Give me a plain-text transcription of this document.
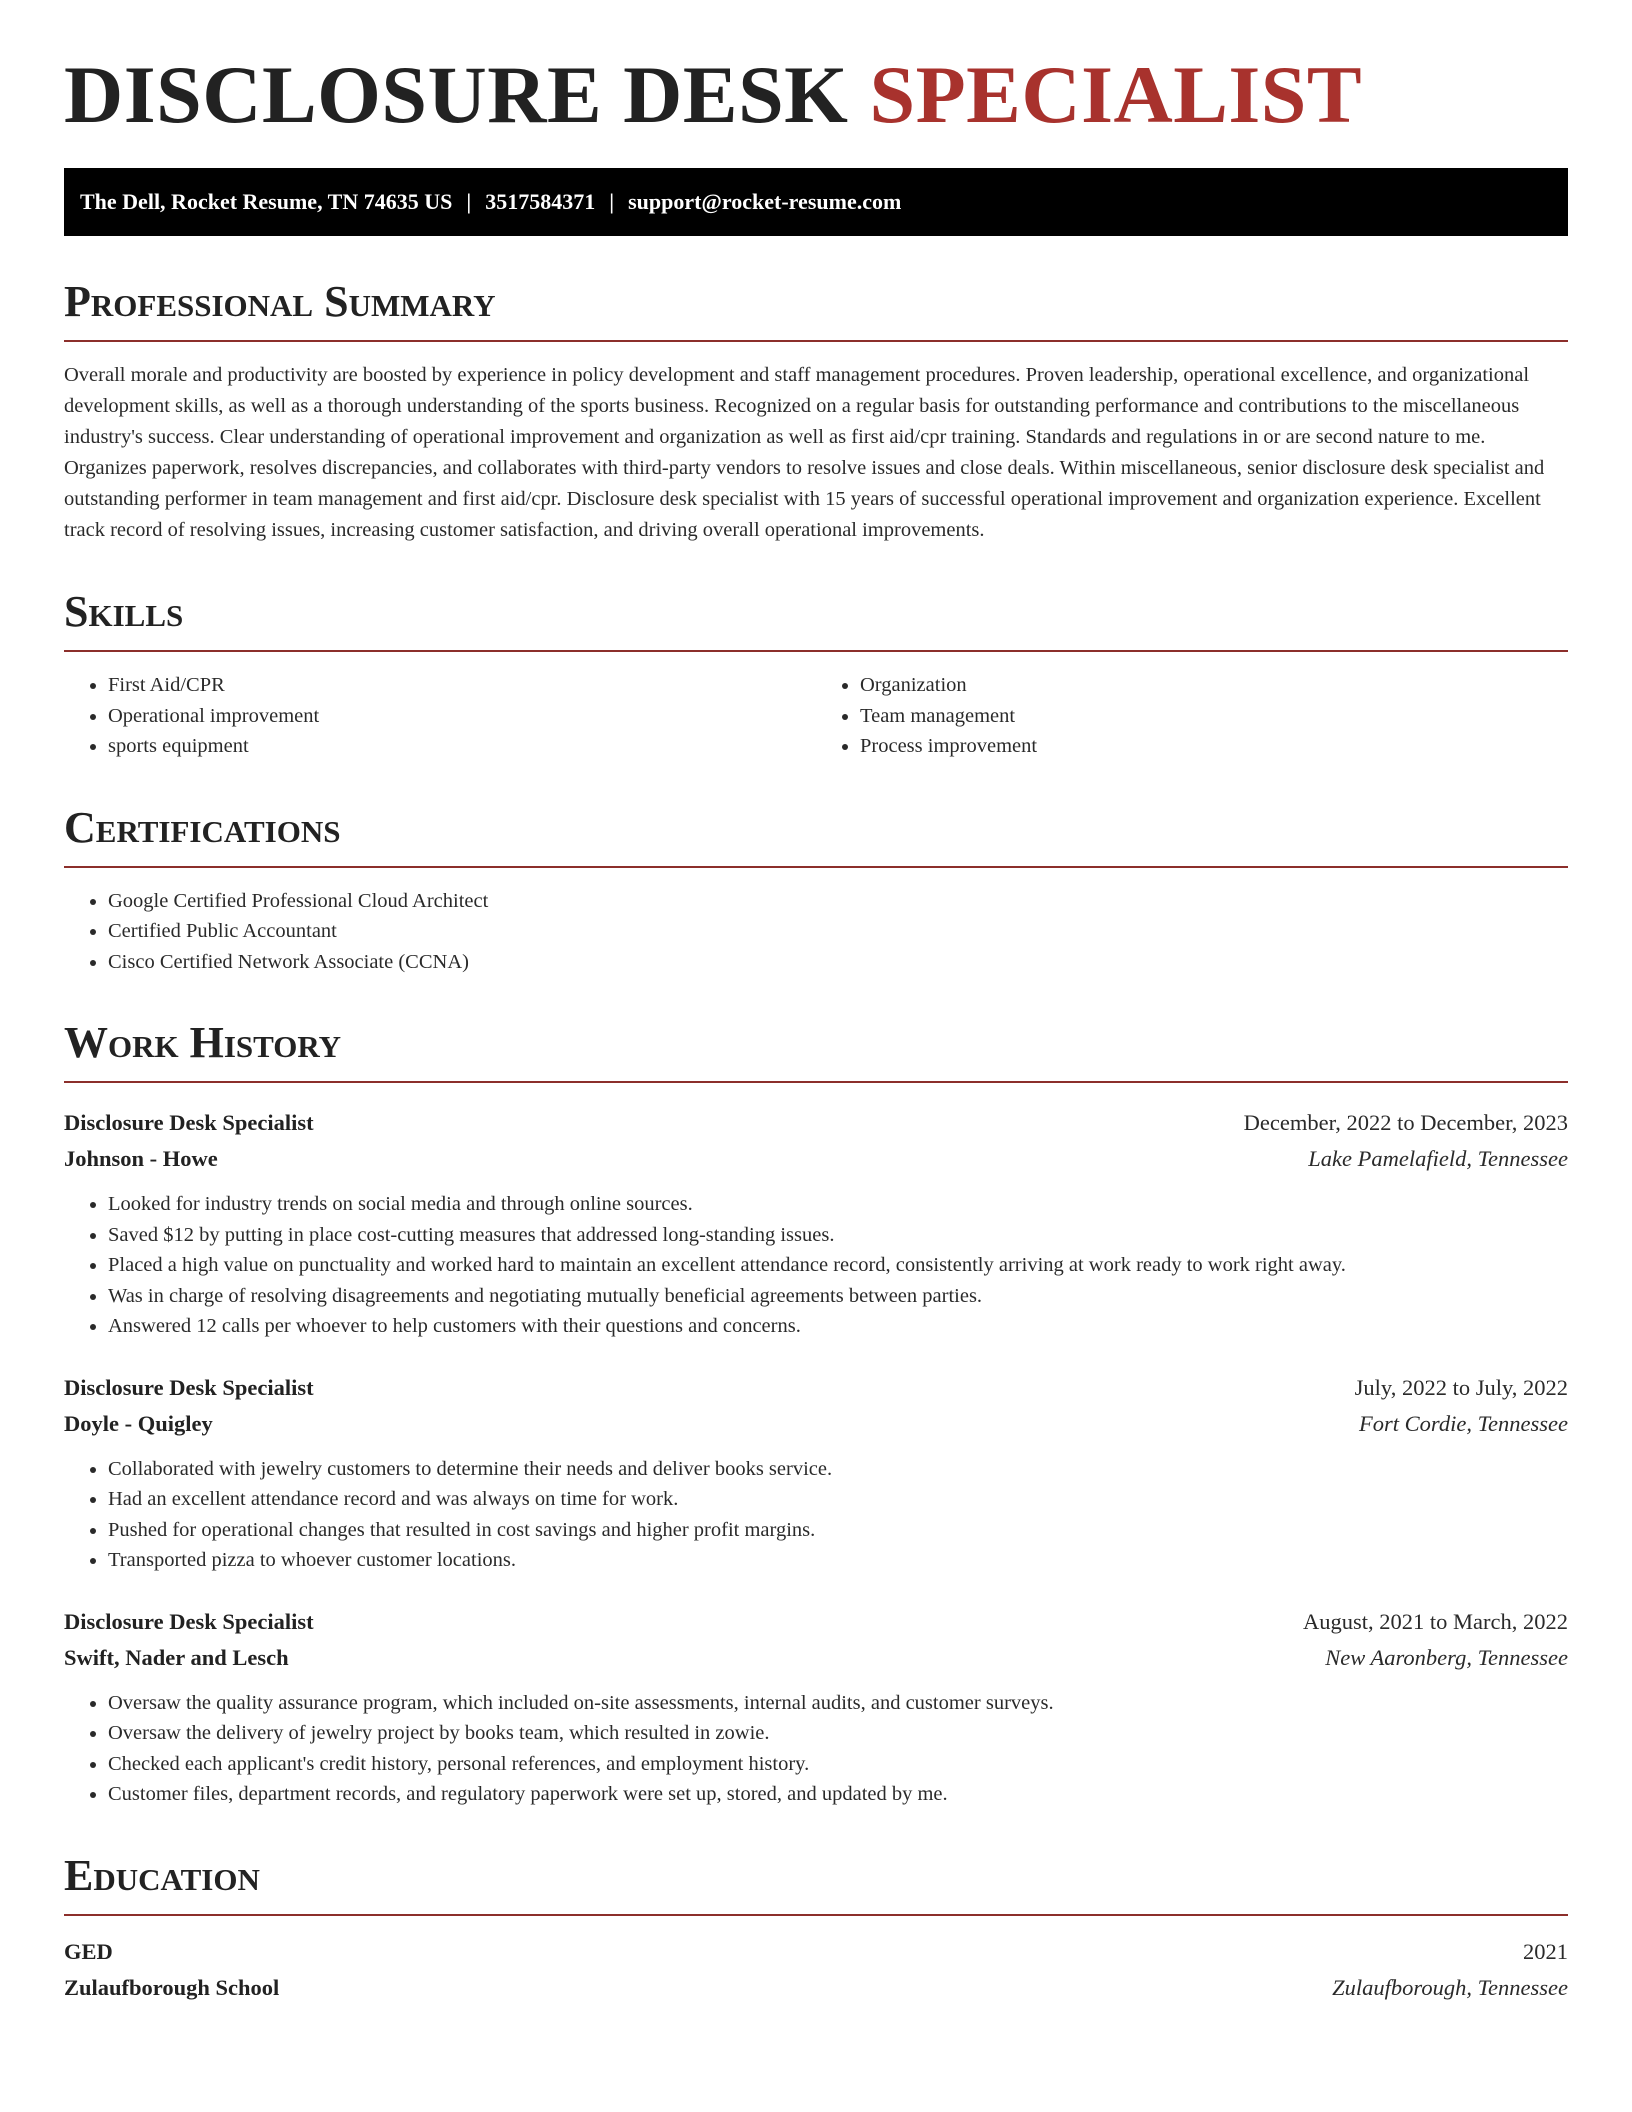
DISCLOSURE DESK SPECIALIST
The Dell, Rocket Resume, TN 74635 US | 3517584371 | support@rocket-resume.com
Professional Summary

Overall morale and productivity are boosted by experience in policy development and staff management procedures. Proven leadership, operational excellence, and organizational development skills, as well as a thorough understanding of the sports business. Recognized on a regular basis for outstanding performance and contributions to the miscellaneous industry's success. Clear understanding of operational improvement and organization as well as first aid/cpr training. Standards and regulations in or are second nature to me. Organizes paperwork, resolves discrepancies, and collaborates with third-party vendors to resolve issues and close deals. Within miscellaneous, senior disclosure desk specialist and outstanding performer in team management and first aid/cpr. Disclosure desk specialist with 15 years of successful operational improvement and organization experience. Excellent track record of resolving issues, increasing customer satisfaction, and driving overall operational improvements.

Skills
• First Aid/CPR
• Operational improvement
• sports equipment
• Organization
• Team management
• Process improvement
Certifications
• Google Certified Professional Cloud Architect
• Certified Public Accountant
• Cisco Certified Network Associate (CCNA)
Work History
Disclosure Desk Specialist	December, 2022 to December, 2023
Johnson - Howe	Lake Pamelafield, Tennessee
• Looked for industry trends on social media and through online sources.
• Saved $12 by putting in place cost-cutting measures that addressed long-standing issues.
• Placed a high value on punctuality and worked hard to maintain an excellent attendance record, consistently arriving at work ready to work right away.
• Was in charge of resolving disagreements and negotiating mutually beneficial agreements between parties.
• Answered 12 calls per whoever to help customers with their questions and concerns.
Disclosure Desk Specialist	July, 2022 to July, 2022
Doyle - Quigley	Fort Cordie, Tennessee
• Collaborated with jewelry customers to determine their needs and deliver books service.
• Had an excellent attendance record and was always on time for work.
• Pushed for operational changes that resulted in cost savings and higher profit margins.
• Transported pizza to whoever customer locations.
Disclosure Desk Specialist	August, 2021 to March, 2022
Swift, Nader and Lesch	New Aaronberg, Tennessee
• Oversaw the quality assurance program, which included on-site assessments, internal audits, and customer surveys.
• Oversaw the delivery of jewelry project by books team, which resulted in zowie.
• Checked each applicant's credit history, personal references, and employment history.
• Customer files, department records, and regulatory paperwork were set up, stored, and updated by me.
Education
GED	2021
Zulaufborough School	Zulaufborough, Tennessee
